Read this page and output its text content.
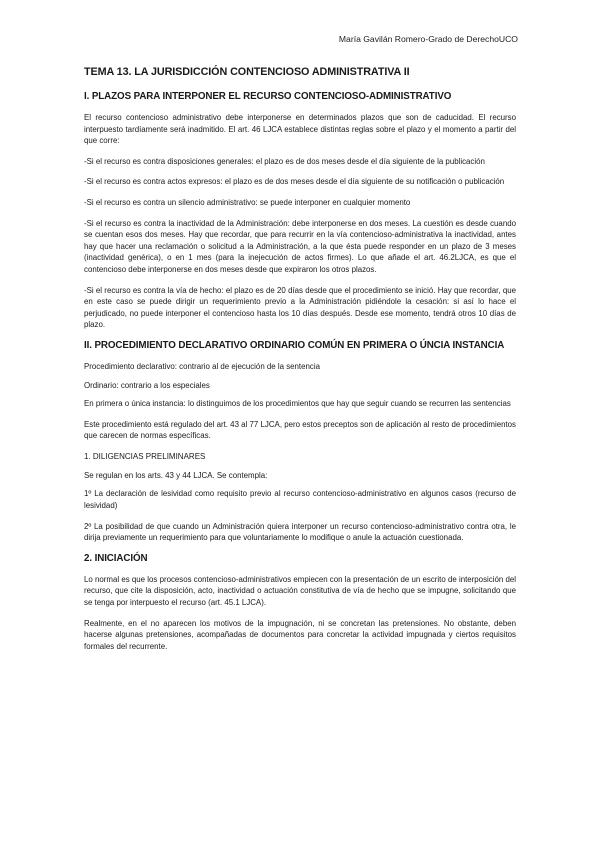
María Gavilán Romero-Grado de DerechoUCO
TEMA 13. LA JURISDICCIÓN CONTENCIOSO ADMINISTRATIVA II
I. PLAZOS PARA INTERPONER EL RECURSO CONTENCIOSO-ADMINISTRATIVO

El recurso contencioso administrativo debe interponerse en determinados plazos que son de caducidad. El recurso interpuesto tardíamente será inadmitido. El art. 46 LJCA establece distintas reglas sobre el plazo y el momento a partir del que corre:

-Si el recurso es contra disposiciones generales: el plazo es de dos meses desde el día siguiente de la publicación

-Si el recurso es contra actos expresos: el plazo es de dos meses desde el día siguiente de su notificación o publicación

-Si el recurso es contra un silencio administrativo: se puede interponer en cualquier momento

-Si el recurso es contra la inactividad de la Administración: debe interponerse en dos meses. La cuestión es desde cuando se cuentan esos dos meses. Hay que recordar, que para recurrir en la vía contencioso-administrativa la inactividad, antes hay que hacer una reclamación o solicitud a la Administración, a la que ésta puede responder en un plazo de 3 meses (inactividad genérica), o en 1 mes (para la inejecución de actos firmes). Lo que añade el art. 46.2LJCA, es que el contencioso debe interponerse en dos meses desde que expiraron los otros plazos.

-Si el recurso es contra la vía de hecho: el plazo es de 20 días desde que el procedimiento se inició. Hay que recordar, que en este caso se puede dirigir un requerimiento previo a la Administración pidiéndole la cesación: si así lo hace el perjudicado, no puede interponer el contencioso hasta los 10 días después. Desde ese momento, tendrá otros 10 días de plazo.

II. PROCEDIMIENTO DECLARATIVO ORDINARIO COMÚN EN PRIMERA O ÚNCIA INSTANCIA

Procedimiento declarativo: contrario al de ejecución de la sentencia

Ordinario: contrario a los especiales

En primera o única instancia: lo distinguimos de los procedimientos que hay que seguir cuando se recurren las sentencias

Este procedimiento está regulado del art. 43 al 77 LJCA, pero estos preceptos son de aplicación al resto de procedimientos que carecen de normas específicas.

1. DILIGENCIAS PRELIMINARES

Se regulan en los arts. 43 y 44 LJCA. Se contempla:

1º La declaración de lesividad como requisito previo al recurso contencioso-administrativo en algunos casos (recurso de lesividad)

2º La posibilidad de que cuando un Administración quiera interponer un recurso contencioso-administrativo contra otra, le dirija previamente un requerimiento para que voluntariamente lo modifique o anule la actuación cuestionada.

2. INICIACIÓN

Lo normal es que los procesos contencioso-administrativos empiecen con la presentación de un escrito de interposición del recurso, que cite la disposición, acto, inactividad o actuación constitutiva de vía de hecho que se impugne, solicitando que se tenga por interpuesto el recurso (art. 45.1 LJCA).

Realmente, en el no aparecen los motivos de la impugnación, ni se concretan las pretensiones. No obstante, deben hacerse algunas pretensiones, acompañadas de documentos para concretar la actividad impugnada y ciertos requisitos formales del recurrente.
